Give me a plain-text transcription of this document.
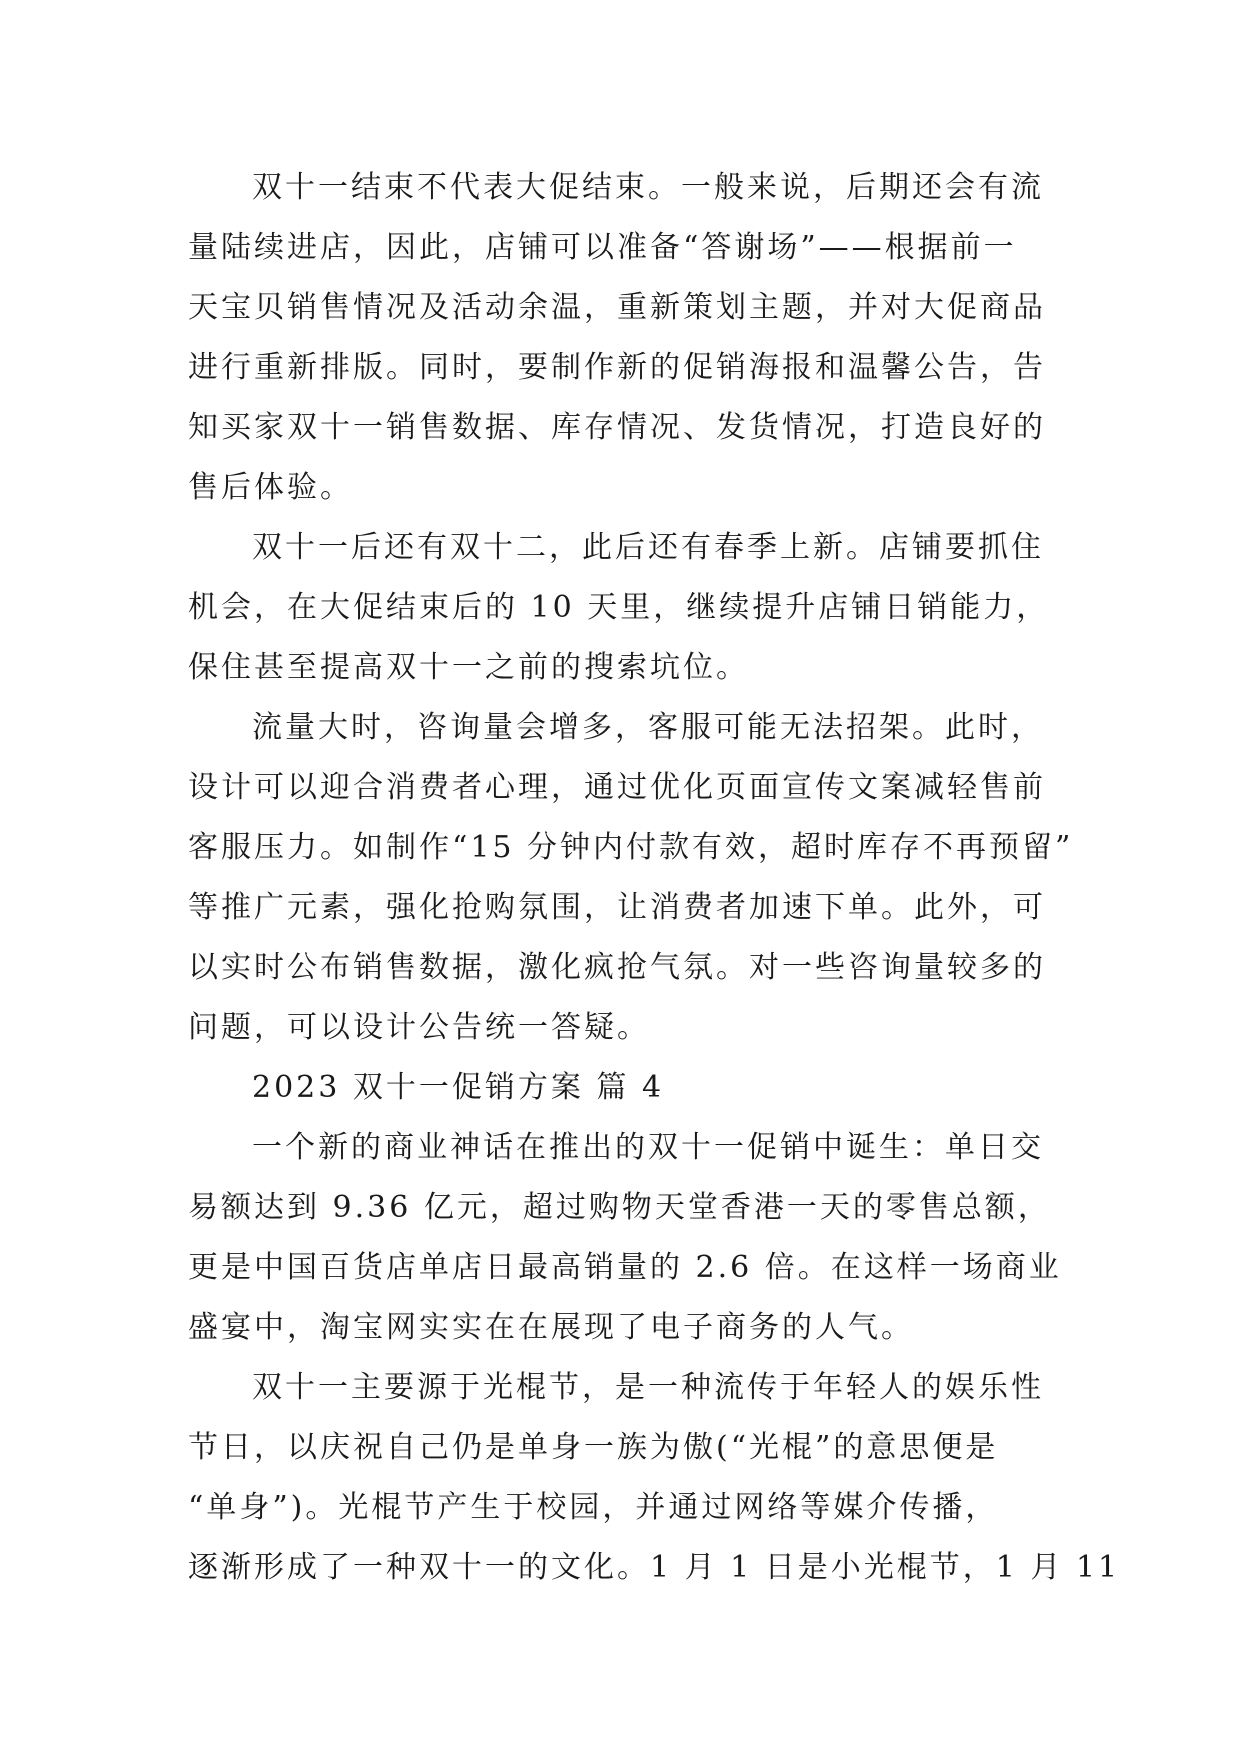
双十一结束不代表大促结束。一般来说，后期还会有流
量陆续进店，因此，店铺可以准备“答谢场”——根据前一
天宝贝销售情况及活动余温，重新策划主题，并对大促商品
进行重新排版。同时，要制作新的促销海报和温馨公告，告
知买家双十一销售数据、库存情况、发货情况，打造良好的
售后体验。
双十一后还有双十二，此后还有春季上新。店铺要抓住
机会，在大促结束后的 10 天里，继续提升店铺日销能力，
保住甚至提高双十一之前的搜索坑位。
流量大时，咨询量会增多，客服可能无法招架。此时，
设计可以迎合消费者心理，通过优化页面宣传文案减轻售前
客服压力。如制作“15 分钟内付款有效，超时库存不再预留”
等推广元素，强化抢购氛围，让消费者加速下单。此外，可
以实时公布销售数据，激化疯抢气氛。对一些咨询量较多的
问题，可以设计公告统一答疑。
2023 双十一促销方案 篇 4
一个新的商业神话在推出的双十一促销中诞生：单日交
易额达到 9.36 亿元，超过购物天堂香港一天的零售总额，
更是中国百货店单店日最高销量的 2.6 倍。在这样一场商业
盛宴中，淘宝网实实在在展现了电子商务的人气。
双十一主要源于光棍节，是一种流传于年轻人的娱乐性
节日，以庆祝自己仍是单身一族为傲(“光棍”的意思便是
“单身”)。光棍节产生于校园，并通过网络等媒介传播，
逐渐形成了一种双十一的文化。1 月 1 日是小光棍节，1 月 11
